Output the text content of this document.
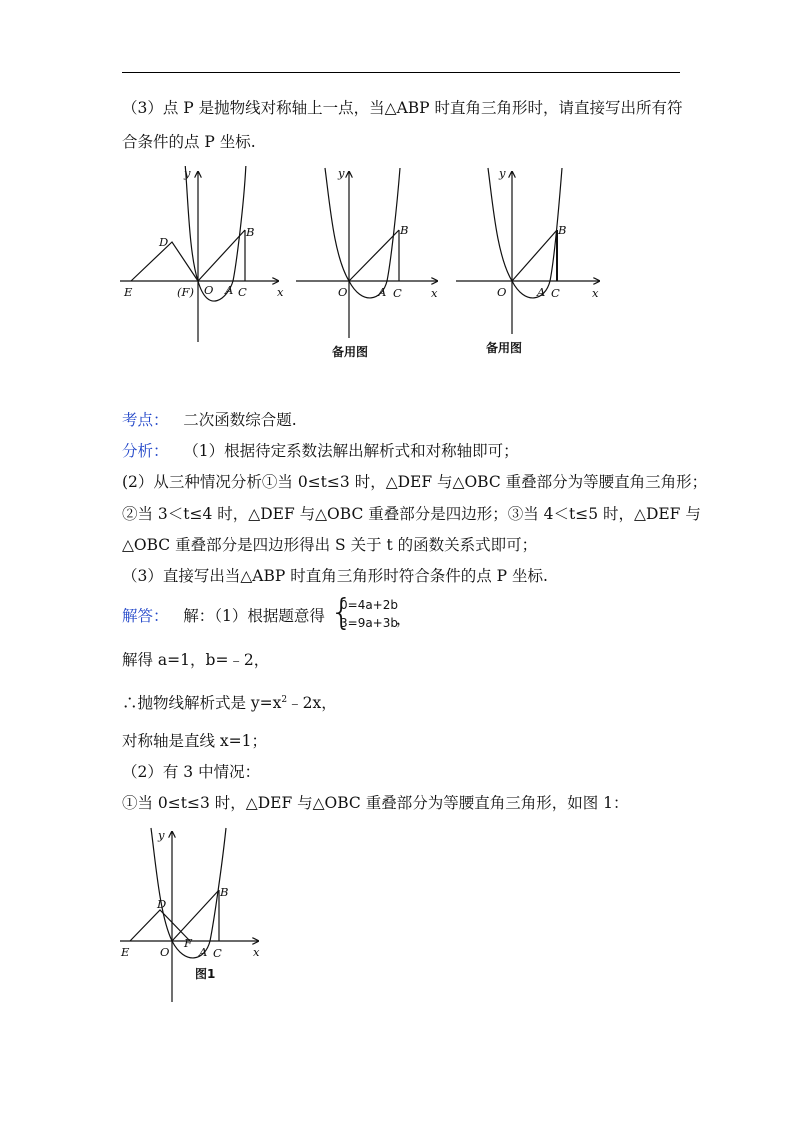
（3）点 P 是抛物线对称轴上一点，当△ABP 时直角三角形时，请直接写出所有符
合条件的点 P 坐标.
y
x
D
E	(F) O A C
B
y
x
O	A C
B
备用图
y
x
O	A C
B
备用图
考点： 二次函数综合题.
分析： （1）根据待定系数法解出解析式和对称轴即可；
(2）从三种情况分析①当 0≤t≤3 时，△DEF 与△OBC 重叠部分为等腰直角三角形；
②当 3＜t≤4 时，△DEF 与△OBC 重叠部分是四边形；③当 4＜t≤5 时，△DEF 与
△OBC 重叠部分是四边形得出 S 关于 t 的函数关系式即可；
（3）直接写出当△ABP 时直角三角形时符合条件的点 P 坐标.
解答： 解：（1）根据题意得 {
0=4a+2b
3=9a+3b
，
解得 a=1，b=﹣2，
∴抛物线解析式是 $y=x^2﹣2x$，
对称轴是直线 x=1；
（2）有 3 中情况：
①当 0≤t≤3 时，△DEF 与△OBC 重叠部分为等腰直角三角形，如图 1：
y
x
D
E
F
O	A C
B
图1
